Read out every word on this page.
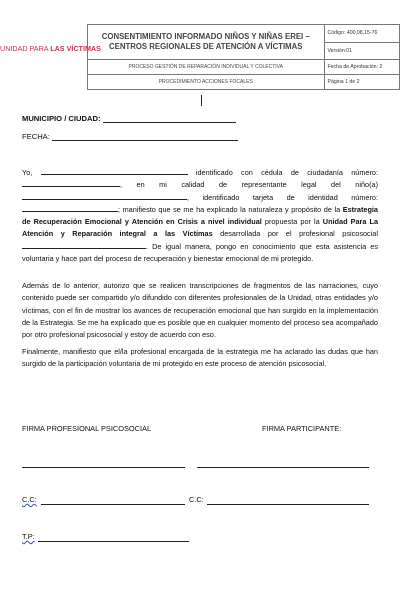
UNIDAD PARA LAS VÍCTIMAS
CONSENTIMIENTO INFORMADO NIÑOS Y NIÑAS EREI –
CENTROS REGIONALES DE ATENCIÓN A VÍCTIMAS	Código: 400,08,15-76
	Versión:01
PROCESO GESTIÓN DE REPARACIÓN INDIVIDUAL Y COLECTIVA	Fecha de Aprobación: 2
PROCEDIMIENTO ACCIONES FOCALES	Página 1 de 2
MUNICIPIO / CIUDAD:
FECHA:

Yo,	identificado con cédula de ciudadanía número: , en mi calidad de representante legal del niño(a) , identificado tarjeta de identidad número: ; manifiesto que se me ha explicado la naturaleza y propósito de la Estrategia de Recuperación Emocional y Atención en Crisis a nivel individual propuesta por la Unidad Para La Atención y Reparación integral a las Víctimas desarrollada por el profesional psicosocial . De igual manera, pongo en conocimiento que esta asistencia es voluntaria y hace part del proceso de recuperación y bienestar emocional de mi protegido.

Además de lo anterior, autorizo que se realicen transcripciones de fragmentos de las narraciones, cuyo contenido puede ser compartido y/o difundido con diferentes profesionales de la Unidad, otras entidades y/o víctimas, con el fin de mostrar los avances de recuperación emocional que han surgido en la implementación de la Estrategia. Se me ha explicado que es posible que en cualquier momento del proceso sea acompañado por otro profesional psicosocial y estoy de acuerdo con eso.

Finalmente, manifiesto que el/la profesional encargada de la estrategia me ha aclarado las dudas que han surgido de la participación voluntaria de mi protegido en este proceso de atención psicosocial.

FIRMA PROFESIONAL PSICOSOCIAL	FIRMA PARTICIPANTE:
C.C:	C.C:
T.P:
